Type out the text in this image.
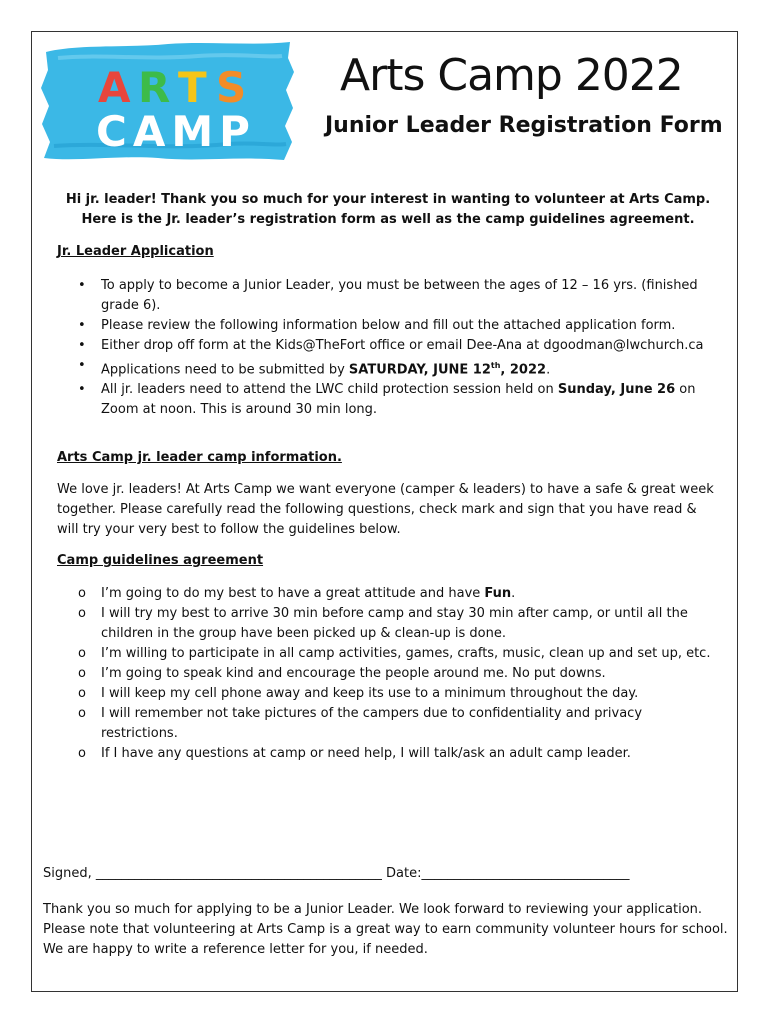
A R T S
CAMP
Arts Camp 2022
Junior Leader Registration Form
Hi jr. leader! Thank you so much for your interest in wanting to volunteer at Arts Camp. Here is the Jr. leader’s registration form as well as the camp guidelines agreement.
Jr. Leader Application
• To apply to become a Junior Leader, you must be between the ages of 12 – 16 yrs. (finished grade 6).
• Please review the following information below and fill out the attached application form.
• Either drop off form at the Kids@TheFort office or email Dee-Ana at dgoodman@lwchurch.ca
• Applications need to be submitted by SATURDAY, JUNE 12th, 2022.
• All jr. leaders need to attend the LWC child protection session held on Sunday, June 26 on Zoom at noon. This is around 30 min long.
Arts Camp jr. leader camp information.
We love jr. leaders! At Arts Camp we want everyone (camper & leaders) to have a safe & great week together. Please carefully read the following questions, check mark and sign that you have read & will try your very best to follow the guidelines below.
Camp guidelines agreement
o I’m going to do my best to have a great attitude and have Fun.
o I will try my best to arrive 30 min before camp and stay 30 min after camp, or until all the children in the group have been picked up & clean-up is done.
o I’m willing to participate in all camp activities, games, crafts, music, clean up and set up, etc.
o I’m going to speak kind and encourage the people around me. No put downs.
o I will keep my cell phone away and keep its use to a minimum throughout the day.
o I will remember not take pictures of the campers due to confidentiality and privacy restrictions.
o If I have any questions at camp or need help, I will talk/ask an adult camp leader.
Signed, ____________________________________________ Date:________________________________
Thank you so much for applying to be a Junior Leader. We look forward to reviewing your application. Please note that volunteering at Arts Camp is a great way to earn community volunteer hours for school. We are happy to write a reference letter for you, if needed.
